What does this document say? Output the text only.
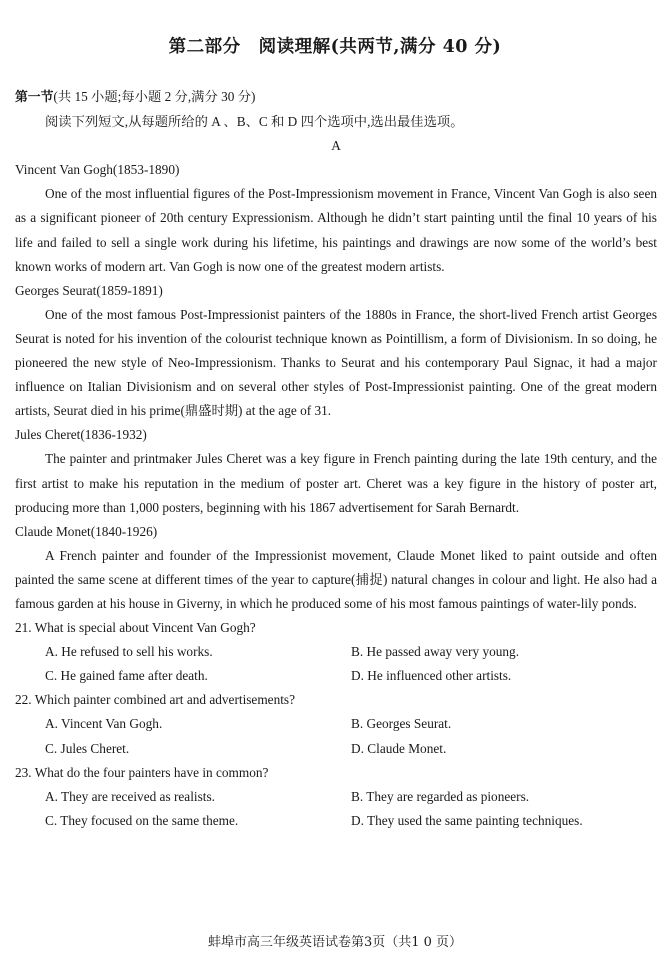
第二部分　阅读理解(共两节,满分 40 分)
第一节(共 15 小题;每小题 2 分,满分 30 分)
阅读下列短文,从每题所给的 A 、B、C 和 D 四个选项中,选出最佳选项。
A
Vincent Van Gogh(1853-1890)
One of the most influential figures of the Post-Impressionism movement in France, Vincent Van Gogh is also seen as a significant pioneer of 20th century Expressionism. Although he didn’t start painting until the final 10 years of his life and failed to sell a single work during his lifetime, his paintings and drawings are now some of the world’s best known works of modern art. Van Gogh is now one of the greatest modern artists.
Georges Seurat(1859-1891)
One of the most famous Post-Impressionist painters of the 1880s in France, the short-lived French artist Georges Seurat is noted for his invention of the colourist technique known as Pointillism, a form of Divisionism. In so doing, he pioneered the new style of Neo-Impressionism. Thanks to Seurat and his contemporary Paul Signac, it had a major influence on Italian Divisionism and on several other styles of Post-Impressionist painting. One of the great modern artists, Seurat died in his prime(鼎盛时期) at the age of 31.
Jules Cheret(1836-1932)
The painter and printmaker Jules Cheret was a key figure in French painting during the late 19th century, and the first artist to make his reputation in the medium of poster art. Cheret was a key figure in the history of poster art, producing more than 1,000 posters, beginning with his 1867 advertisement for Sarah Bernardt.
Claude Monet(1840-1926)
A French painter and founder of the Impressionist movement, Claude Monet liked to paint outside and often painted the same scene at different times of the year to capture(捕捉) natural changes in colour and light. He also had a famous garden at his house in Giverny, in which he produced some of his most famous paintings of water-lily ponds.
21. What is special about Vincent Van Gogh?
A. He refused to sell his works.	B. He passed away very young.
C. He gained fame after death.	D. He influenced other artists.
22. Which painter combined art and advertisements?
A. Vincent Van Gogh.	B. Georges Seurat.
C. Jules Cheret.	D. Claude Monet.
23. What do the four painters have in common?
A. They are received as realists.	B. They are regarded as pioneers.
C. They focused on the same theme.	D. They used the same painting techniques.
蚌埠市高三年级英语试卷第3页（共1 0 页）
